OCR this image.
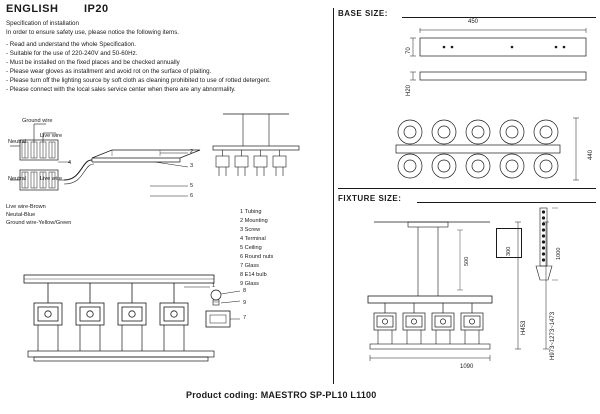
ENGLISH IP20
Specification of installation
In order to ensure safety use, please notice the following items.
- Read and understand the whole Specification.
- Suitable for the use of 220-240V and 50-60Hz.
- Must be installed on the fixed places and be checked annually
- Please wear gloves as installment and avoid rot on the surface of plaiting.
- Please turn off the lighting source by soft cloth as cleaning prohibited to use of rotted detergent.
- Please connect with the local sales service center when there are any abnormality.
Ground wire
Live wire
Neutral
Neutral Live wire
4
2
3
5
6
Live wire-Brown
Neutal-Blue
Ground wire-Yellow/Green
1 Tubing
2 Mounting
3 Screw
4 Terminal
5 Ceiling
6 Round nuts
7 Glass
8 E14 bulb
9 Glass
1
8
9
7
BASE SIZE:
450
70
H20
440
FIXTURE SIZE:
1000
300
500
H453	H973~1273~1473
1090
Product coding: MAESTRO SP-PL10 L1100
